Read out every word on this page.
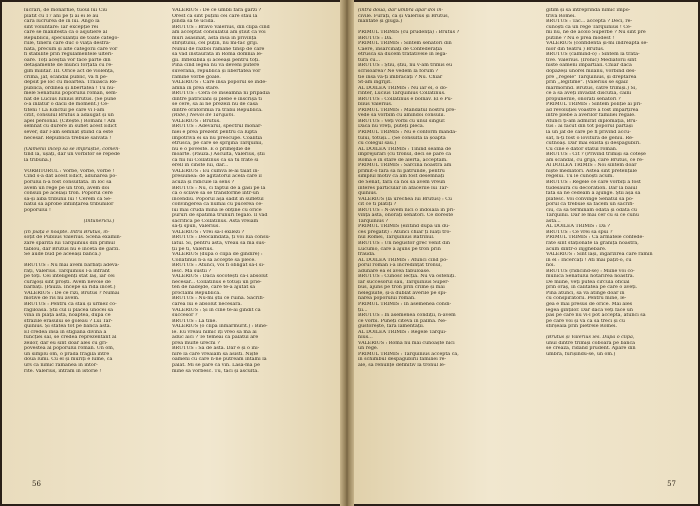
lucrări, de monarhie, tuoul lui Ciu
plătit cu 17 ani pe ți ai ei le au
cara lucrurea de în lui. Ango la
sint voluntare: Iar excepție rei
care se manifestă ca o asjutiere al
Republicii, speculanții de toate catego-
riile, tinerii care duc o viață desfrâ-
nată, precum și alte categorii care vor
fi stabilite prin regulamentele ulteri-
oare. Toți aceștia vor face parte din
detașamente de munci forțată cu re-
gim militar. III. Orice act de violență,
crimă, jaf, scandal public, va fi pe-
depsit pe loc cu moartea. Trăiască Re-
publica, ordinea și libertatea ! Tu nu-
mele Senatului poporului roman, sem-
nat de Lucius Iunius Brutus. (Se pune
o-a înlătur o dacii de moment.) Ce-
titeni ! La Edictul pe care vi l-am
citit, consulul Brutus a adăugat și un
apel personal. (Citește.) Romani ! Am
semnat cu durere în suflet acest Edict
sever, dar l-am semnat știind că este
necesar. Republica trebuie salvată !
(Oamenii încep să se împrăștie, comen-
tînd la, ușați, dar un vorbitor se repede
la tribună.)
VORBITORUL : Vorbe, vorbe, vorbe !
Cind s-a dat acest Edict, adunarea po-
porului n-a fost consultată. In loc să
avem un rege pe un tron, avem doi
consuli pe același tron. Poporul cere
să-și aibă tribunii lui ! Cerem ca Se-
natul să aprobe înființarea tribunilor
poporului !
(Intunericu.)
(In piață e noapte. Intră Brutus, în-
soțit de Publius Valerius. Scena examin-
zare sparită lui Tarquinius din primul
tablou, dar Brutus nu e încetă de gărzi.
Se aude bud pe aceeași bancă.)
BRUTUS : Nu mai avem bărbați adevă-
rați, Valerius. Tarquinius l-a înfrânt
pe toți. Cei inteligenți stat laș, iar cei
curajoși sint proști. Avem nevoie de
bărbați. (Pauză. Incepe să rîdă încet.)
VALERIUS : De ce rîzi, Brutus ? Numai
motive de rîs nu avem.
BRUTUS : Pentru că stau și urmez co-
ragiloasă. Știi cul îi plăcea unocei să
vină în piața asta, noaptea, după ce
străzile erasului se goleau ? Lui Tar-
quinius. Și stătea tot pe banca asta.
El credea însă în stigiana divină a
funcției sal, se credea reprezentant al
zeilor, dar eu sint doar ales cu gri-
povestea al poporului roman. Un om,
un simplu om, o pradă fragilă între
două lumi. Cu el și muriți e lume, ca
urs ca nimic rămânea în intor-
rîte. Valerius, intrăm în istorie !
VALERIUS : De ce umbli fără gărzi ?
Orest că sint puțini cei care stau la
pîndă să te ucidă.
BRUTUS : Bravo Valerius, din clipa cind
am acceptat consulatul am știut că voi
muri asasinat, asta însă în privința
sfîrșitului, cel puțin, nu mi-fac griji.
Nunul de război rămâne tinsp de care
să văd instaurată în Roma domnia le-
gii. Inflexibilă și aceeași pentru toți.
Pînă cînd legea nu va deveni putere
suverană, republica și libertatea vor
rămîne vorbe goale.
VALERIUS : Care însă poporul se înde-
amnă în prea stare.
BRUTUS : Cera ce înseamnă ni pripadia
dintre patriciani și plebe e înscrișa ti
se cere, să ai ne prezezi nu de casa
dintre oratorimia ra trăbii Republica.
(Ride.) Nevoi de Tarquini.
VALERIUS : Brutus.
BRUTUS : Adevărul, spectrul monar-
hiei e prea prezent pentru ca lupta
împotriva ei să nu preocupe. Coalitia
etruscă, pe care se sprijină Tarquinii,
nu e o poveste. E o primejdie de
moarte. (Pauză.) Ascultă, Valerius, știi
că fiii lui Collatinus ca sa tu frate si
erell în cinste lui, dar...
VALERIUS : Eu cumva le-ai tăiat în-
presiunea: de agitatorul acela care îl
acuză și ridicule la sens ?
BRUTUS : Nu, ci faptul de a găsi pe la
ca o sclave să se transforme într-un
incendiu. Poporul așa sădit în sufletul
convingerea că numai cu pucerea ce-
lui mai crudă mîna le obține cu orice
pururi de spatima trunuri fegalo. Il vad
sacrifica pe Collatinus. Asta vreiam
să-ți spun, Valerius.
VALERIUS : Vrei să-l exilezi ?
BRUTUS : Deocamdată, ți voi lua consu-
latul. Si, pentru asta, vreau să mă sus-
ții pe ti, Valerius.
VALERIUS (după o clipă de gîndire) :
Collatinus n-a să accepte să plece.
BRUTUS : Atunci, voi fi obligat să-l si-
lesc. Mă sustii ?
VALERIUS : Dacă socotești că-i absolut
necesar... Collatinus e totuși un prie-
ten de nădejde, care te-a ajutat să
proclami Republica.
BRUTUS : Nu-mi știi ce ruină. Sacrifi-
carea lui e absolut necesară.
VALERIUS : Și în cine te-ai gîndit ca
succesor ?
BRUTUS : La tine.
VALERIUS (o clipă înmărmurit.) : Bine-
le. Eu vreau nimic îți vreo să ma ai
aduc aici ? Te temeai ca palatul are
prea multe urechi ?
BRUTUS : Să de asta. Dar e și o ini-
nire la care vreaiam să asisti. Niște
oameni cu care n-ne putream întâlni la
palat. Mi se pare că vin. Lasă-mă pe
mine să vorbesc. Tu, taci și ascultă.
56
(intră două, dar umbră apar doi în-
civile. Furați, ca și Valerius și Brutus,
mantate și glugă.)
PRIMUL TRIMIS (cu prudență) : Brutus ?
BRUTUS : Da.
PRIMUL TRIMIS : Sintem senatori din
Caere, însărcinați de Confederația
etruscă să ducem tratativele în lega-
tură cu...
BRUTUS : Știu, știu, nu v-am trimis eu
scrisoarea? Ne vedem la forum ?
tie însă vă-ți îmbrăcați ? Nu. Chiar
St-am ingrijit.
AL DOILEA TRIMIS : Nu iar el, o do-
rinter, Lucius Tarquinius Collatinus.
BRUTUS : Collatinus e bolnav. El e Pu-
blius Valerius.
PRIMUL TRIMIS : Mandatul nostru pre-
vede să vorbim cu amîndoi consulii.
BRUTUS : Veți vorbi cu unul singur.
Dacă nu vreți, puteți pleca.
PRIMUL TRIMIS : Nu e conform manda-
tului, totuși... (Se consultă la șoaptă
cu colegul său.)
AL DOILEA TRIMIS : Tinînd seamă de
împrejurări (cu tronul, deci se pare că
Roma e în stare de alertă, acceptăm.
PRIMUL TRIMIS : Sarcina noastră am
primit-o fără să ni pătrunde, pentru
simplul motiv că am fost desemnați
de Senat, fără ca noi să avem vreun
interes particular în afacerile lui Tar-
quinius.
VALERIUS (la urechea lui Brutus) : Cu
cit ce ti plătiți ?
BRUTUS : N-avem nici o îndoială în pri-
vința asta, onorați senatori. Ce doreste
Tarquinius ?
PRIMUL TRIMIS (ezitînd după un du-
ces pregătit) : Atunci chiar ți luați tro-
nul Romei, Tarquinius Bătrînul.
BRUTUS : Un negustor grec venit din
Lucumo, care a ajuns pe tron prin
fraudă.
AL DOILEA TRIMIS : Atunci cînd po-
porul roman i-a încredințat tronul,
adunare ea el avea fabuloase.
BRUTUS : Cunosc lecția. Nu vă osteniți.
Iar succesorul său, Tarquinius Super-
bus, ajuns pe tron prin crime și mai
nelegiuite, și-a dublat averile pe spi-
narea poporului roman.
PRIMUL TRIMIS : In asemenea condi-
ții...
BRUTUS : În asemenea condiții, n-avem
ce vorbi. Puneți cîteva în palma. Ne-
gustorește, fără lamentații.
AL DOILEA TRIMIS : Regele Tarqui-
nius...
VALERIUS : Roma nu mai cunoaște nici
un rege.
PRIMUL TRIMIS : Tarquinius acceptă ca,
în schimbul despăgubirii familiei re-
ale, să renunțe definitiv la tronul le-
gitim și să întreprindă nimic împo-
triva Romei.
BRUTUS : Tac... acceptă ? Deci, re-
cunoști că un rege Tarquinius ! Ce-
mi nu, ne de acolo Superbe ? Nu sînt pre
putine ? Nu e prea modest !
VALERIUS (confidentă și-mi îndreaptă se-
nior din teatru ) Brutus.
BRUTUS (calmînd-o) : Sintem la trata-
tive. Valerius. (Ironic) Mediatorii sint
niste oameni împartiali. Chiar dacă
dopăzeși unorel milanu, vorbind des-
pre ,,regele" Tarquinius, și dreptarea
prin ,,legitime". (Valerius se sgâiz
marmorind. Brutus, către trimiși.) Si,
ce a să aveți invadat discutia, caini
propunerile, onorati senatori ?
PRIMUL TRIMIS : Sîntem poliție ai pri-
ad revoluției voastre a fost împărțirea
între plebe a averilor familiei regale.
Atunci ți-am admirat diplomația, Bru-
tus : ai făcut din tot poporul părtași
la un jaf de care pe fi privind accu-
sat, n-ți fost o lovitură de geniu. Re-
cutnoaș. Dar mai există și despăgubiri.
Cu cine e dator statul roman.
BRUTUS : Cit ? (Privind trimiși să coteșe
am scandal, cu grijă, care Brutus, ce re-
Al DOILEA TRIMIS : Noi sintem doar
niște mediatori. Astea sînt pretențiile
regelui. Tu le cunoști acum.
BRUTUS : Regele ce care vorbiți a fost
tudesaura cu decoration. Dar la baiul
fata sa ne cedeam a ajunge. Știi așa să
plătesc. Voi convinge Senatul să po-
porul că trebuie să facem un sacrifi-
ciu, ca să terminăm odată și odată cu
Tarquinii. Dar le mai cer cu si ce cunu
asta...
AL DOILEA TRIMIS : Da ?
BRUTUS : Ce vrei să spui ?
PRIMUL TRIMIS : Că armatele confede-
rate sînt staționate la granița noastră,
acum dintr-o înjghebare.
VALERIUS : Sînt lași, ingărzirea care rămîn
în el : Încercați ! Ati mai pățit-o, cu
noi.
BRUTUS (ridicînd-se) : Mîine voi co-
munica Senatului hotărîrea noastră.
De mîine, veți putea circula oficial
prin oraș, în calitatea pe care o aveți.
Pînă atunci, să vă atinge doar în
cu conspiratorii. Pentru mine, le-
gea e mai presus de orice. Mai ales
legea ginților. Dar dacă veți face un
pas pe care nu vi-l pot accepta, atunci să
pe care voi și vă ca sa treci și cu
sfîrșeală prin pietrele Romei.
(Brutus și Valerius ies. După o clipă,
unul dintre trimiși coboară pe bancă
se crează, rîdând prudent. Apare din
umbră, furișîndu-se, un om.)
57
